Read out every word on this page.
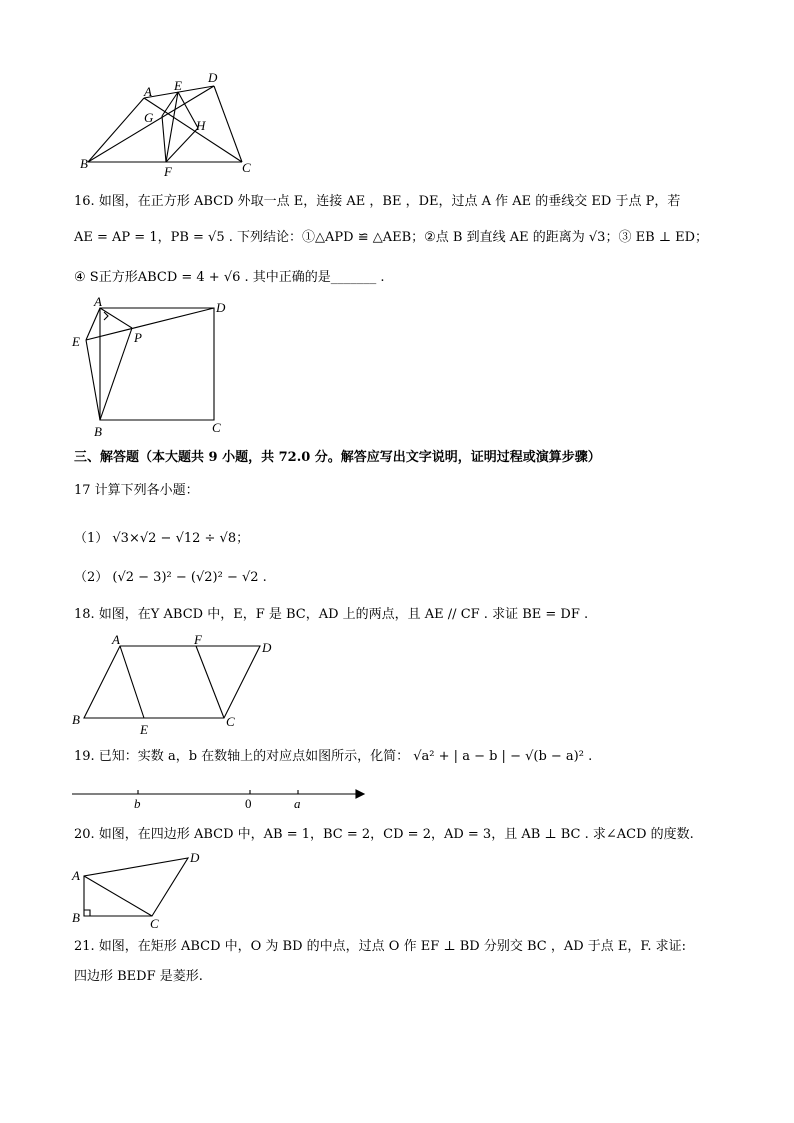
A E
D
G
H
B
F	C
16. 如图，在正方形 ABCD 外取一点 E，连接 AE ，BE ，DE，过点 A 作 AE 的垂线交 ED 于点 P，若
AE = AP = 1，PB = √5 . 下列结论：①△APD ≌ △AEB；②点 B 到直线 AE 的距离为 √3；③ EB ⊥ ED；
④ S正方形ABCD = 4 + √6 . 其中正确的是_______ .
A	D
E	P
B	C
三、解答题（本大题共 9 小题，共 72.0 分。解答应写出文字说明，证明过程或演算步骤）
17 计算下列各小题：
（1） √3×√2 − √12 ÷ √8；
（2） (√2 − 3)² − (√2)² − √2 .
18. 如图，在Y ABCD 中，E，F 是 BC，AD 上的两点，且 AE // CF . 求证 BE = DF .
A	F
D
B
E
C
19. 已知：实数 a，b 在数轴上的对应点如图所示，化简： √a² + | a − b | − √(b − a)² .
b	0	a
20. 如图，在四边形 ABCD 中，AB = 1，BC = 2，CD = 2，AD = 3，且 AB ⊥ BC . 求∠ACD 的度数.
A
B	C
D
21. 如图，在矩形 ABCD 中，O 为 BD 的中点，过点 O 作 EF ⊥ BD 分别交 BC ，AD 于点 E，F. 求证:
四边形 BEDF 是菱形.
